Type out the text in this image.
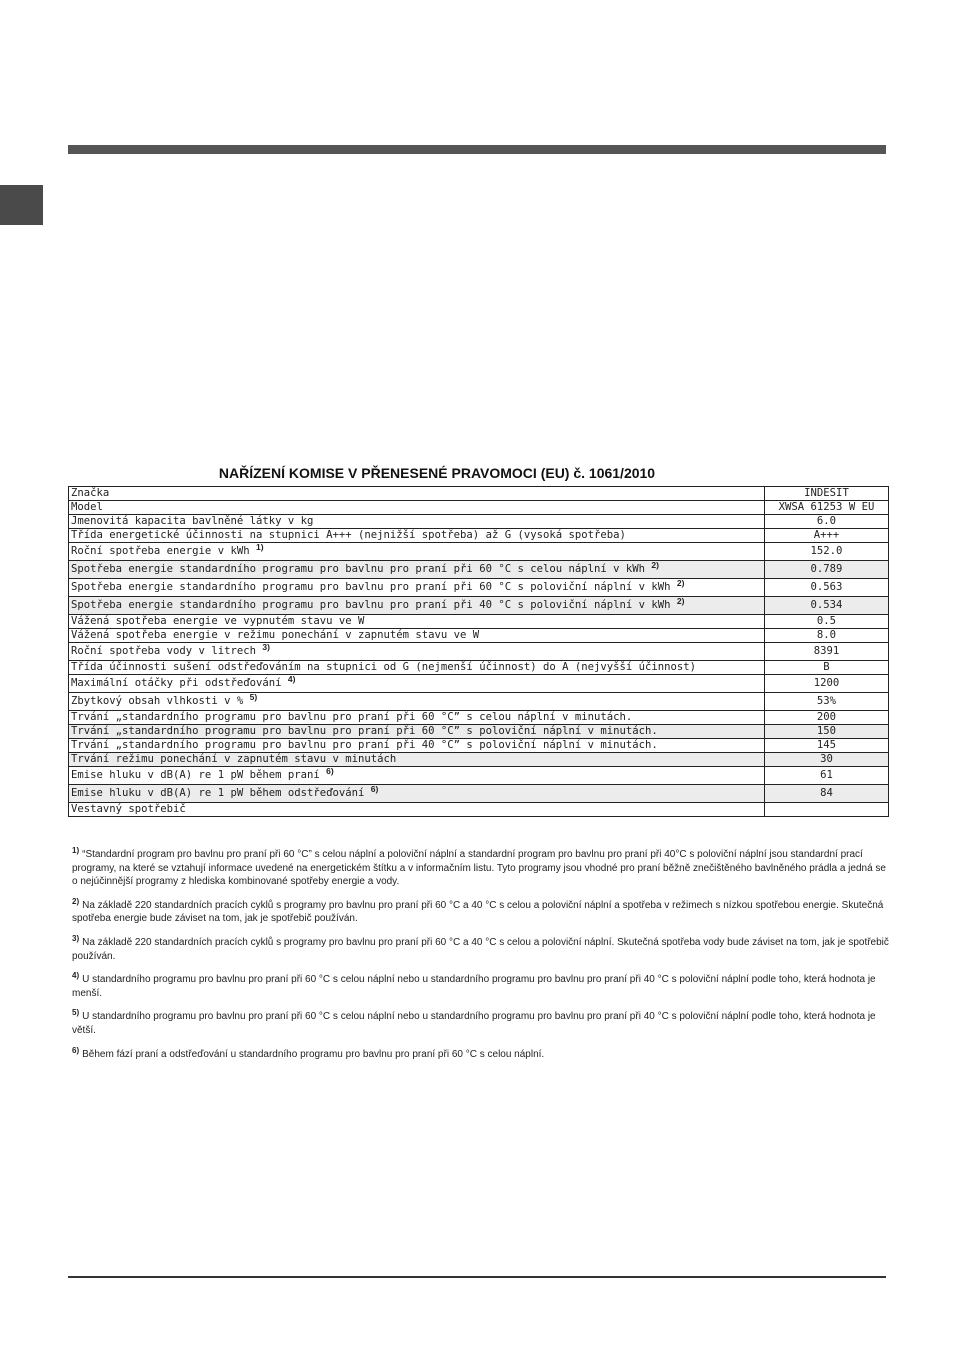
NAŘÍZENÍ KOMISE V PŘENESENÉ PRAVOMOCI (EU) č. 1061/2010
Značka	INDESIT
Model	XWSA 61253 W EU
Jmenovitá kapacita bavlněné látky v kg	6.0
Třída energetické účinnosti na stupnici A+++ (nejnižší spotřeba) až G (vysoká spotřeba)	A+++
Roční spotřeba energie v kWh $^{1)}$	152.0
Spotřeba energie standardního programu pro bavlnu pro praní při 60 °C s celou náplní v kWh $^{2)}$	0.789
Spotřeba energie standardního programu pro bavlnu pro praní při 60 °C s poloviční náplní v kWh $^{2)}$	0.563
Spotřeba energie standardního programu pro bavlnu pro praní při 40 °C s poloviční náplní v kWh $^{2)}$	0.534
Vážená spotřeba energie ve vypnutém stavu ve W	0.5
Vážená spotřeba energie v režimu ponechání v zapnutém stavu ve W	8.0
Roční spotřeba vody v litrech $^{3)}$	8391
Třída účinnosti sušení odstřeďováním na stupnici od G (nejmenší účinnost) do A (nejvyšší účinnost)	B
Maximální otáčky při odstřeďování $^{4)}$	1200
Zbytkový obsah vlhkosti v % $^{5)}$	53%
Trvání „standardního programu pro bavlnu pro praní při 60 °C” s celou náplní v minutách.	200
Trvání „standardního programu pro bavlnu pro praní při 60 °C” s poloviční náplní v minutách.	150
Trvání „standardního programu pro bavlnu pro praní při 40 °C” s poloviční náplní v minutách.	145
Trvání režimu ponechání v zapnutém stavu v minutách	30
Emise hluku v dB(A) re 1 pW během praní $^{6)}$	61
Emise hluku v dB(A) re 1 pW během odstřeďování $^{6)}$	84
Vestavný spotřebič	

$^{1)}$ “Standardní program pro bavlnu pro praní při 60 °C” s celou náplní a poloviční náplní a standardní program pro bavlnu pro praní při 40°C s poloviční náplní jsou standardní prací programy, na které se vztahují informace uvedené na energetickém štítku a v informačním listu. Tyto programy jsou vhodné pro praní běžně znečištěného bavlněného prádla a jedná se o nejúčinnější programy z hlediska kombinované spotřeby energie a vody.

$^{2)}$ Na základě 220 standardních pracích cyklů s programy pro bavlnu pro praní při 60 °C a 40 °C s celou a poloviční náplní a spotřeba v režimech s nízkou spotřebou energie. Skutečná spotřeba energie bude záviset na tom, jak je spotřebič používán.

$^{3)}$ Na základě 220 standardních pracích cyklů s programy pro bavlnu pro praní při 60 °C a 40 °C s celou a poloviční náplní. Skutečná spotřeba vody bude záviset na tom, jak je spotřebič používán.

$^{4)}$ U standardního programu pro bavlnu pro praní při 60 °C s celou náplní nebo u standardního programu pro bavlnu pro praní při 40 °C s poloviční náplní podle toho, která hodnota je menší.

$^{5)}$ U standardního programu pro bavlnu pro praní při 60 °C s celou náplní nebo u standardního programu pro bavlnu pro praní při 40 °C s poloviční náplní podle toho, která hodnota je větší.

$^{6)}$ Během fází praní a odstřeďování u standardního programu pro bavlnu pro praní při 60 °C s celou náplní.
